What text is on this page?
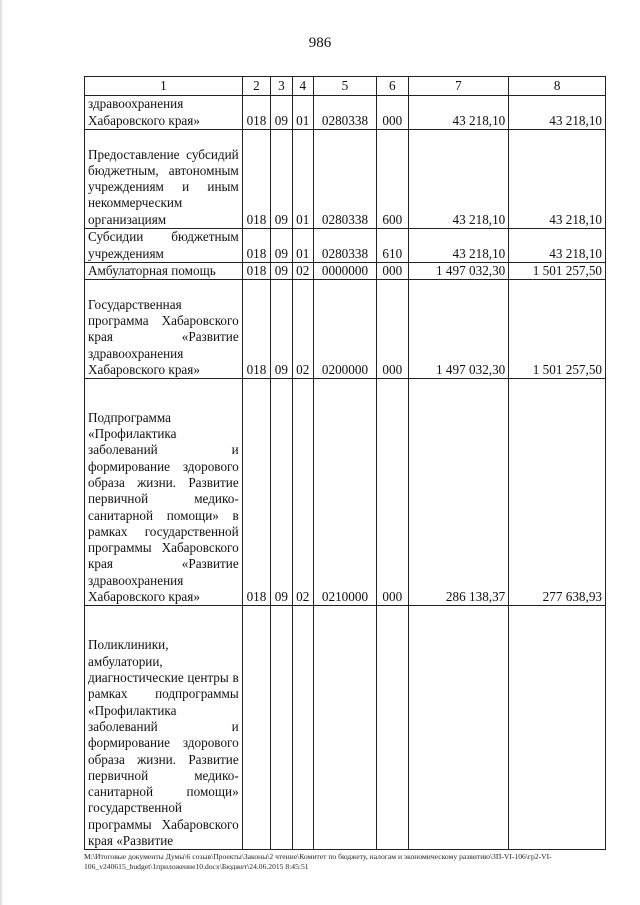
986
1	2	3	4	5	6	7	8
здравоохранения Хабаровского края»	018	09	01	0280338	000	43 218,10	43 218,10
Предоставление субсидий бюджетным, автономным учреждениям и иным некоммерческим организациям	018	09	01	0280338	600	43 218,10	43 218,10
Субсидии бюджетным учреждениям	018	09	01	0280338	610	43 218,10	43 218,10
Амбулаторная помощь	018	09	02	0000000	000	1 497 032,30	1 501 257,50
Государственная программа Хабаровского края «Развитие здравоохранения Хабаровского края»	018	09	02	0200000	000	1 497 032,30	1 501 257,50
Подпрограмма «Профилактика заболеваний и формирование здорового образа жизни. Развитие первичной медико-санитарной помощи» в рамках государственной программы Хабаровского края «Развитие здравоохранения Хабаровского края»	018	09	02	0210000	000	286 138,37	277 638,93
Поликлиники, амбулатории, диагностические центры в рамках подпрограммы «Профилактика заболеваний и формирование здорового образа жизни. Развитие первичной медико-санитарной помощи» государственной программы Хабаровского края «Развитие							
M:\Итоговые документы Думы\6 созыв\Проекты\Законы\2 чтение\Комитет по бюджету, налогам и экономическому развитию\3П-VI-106\гр2-VI-106_v240615_budget\1приложение10.docx\Бюджет\24.06.2015 8:45:51
